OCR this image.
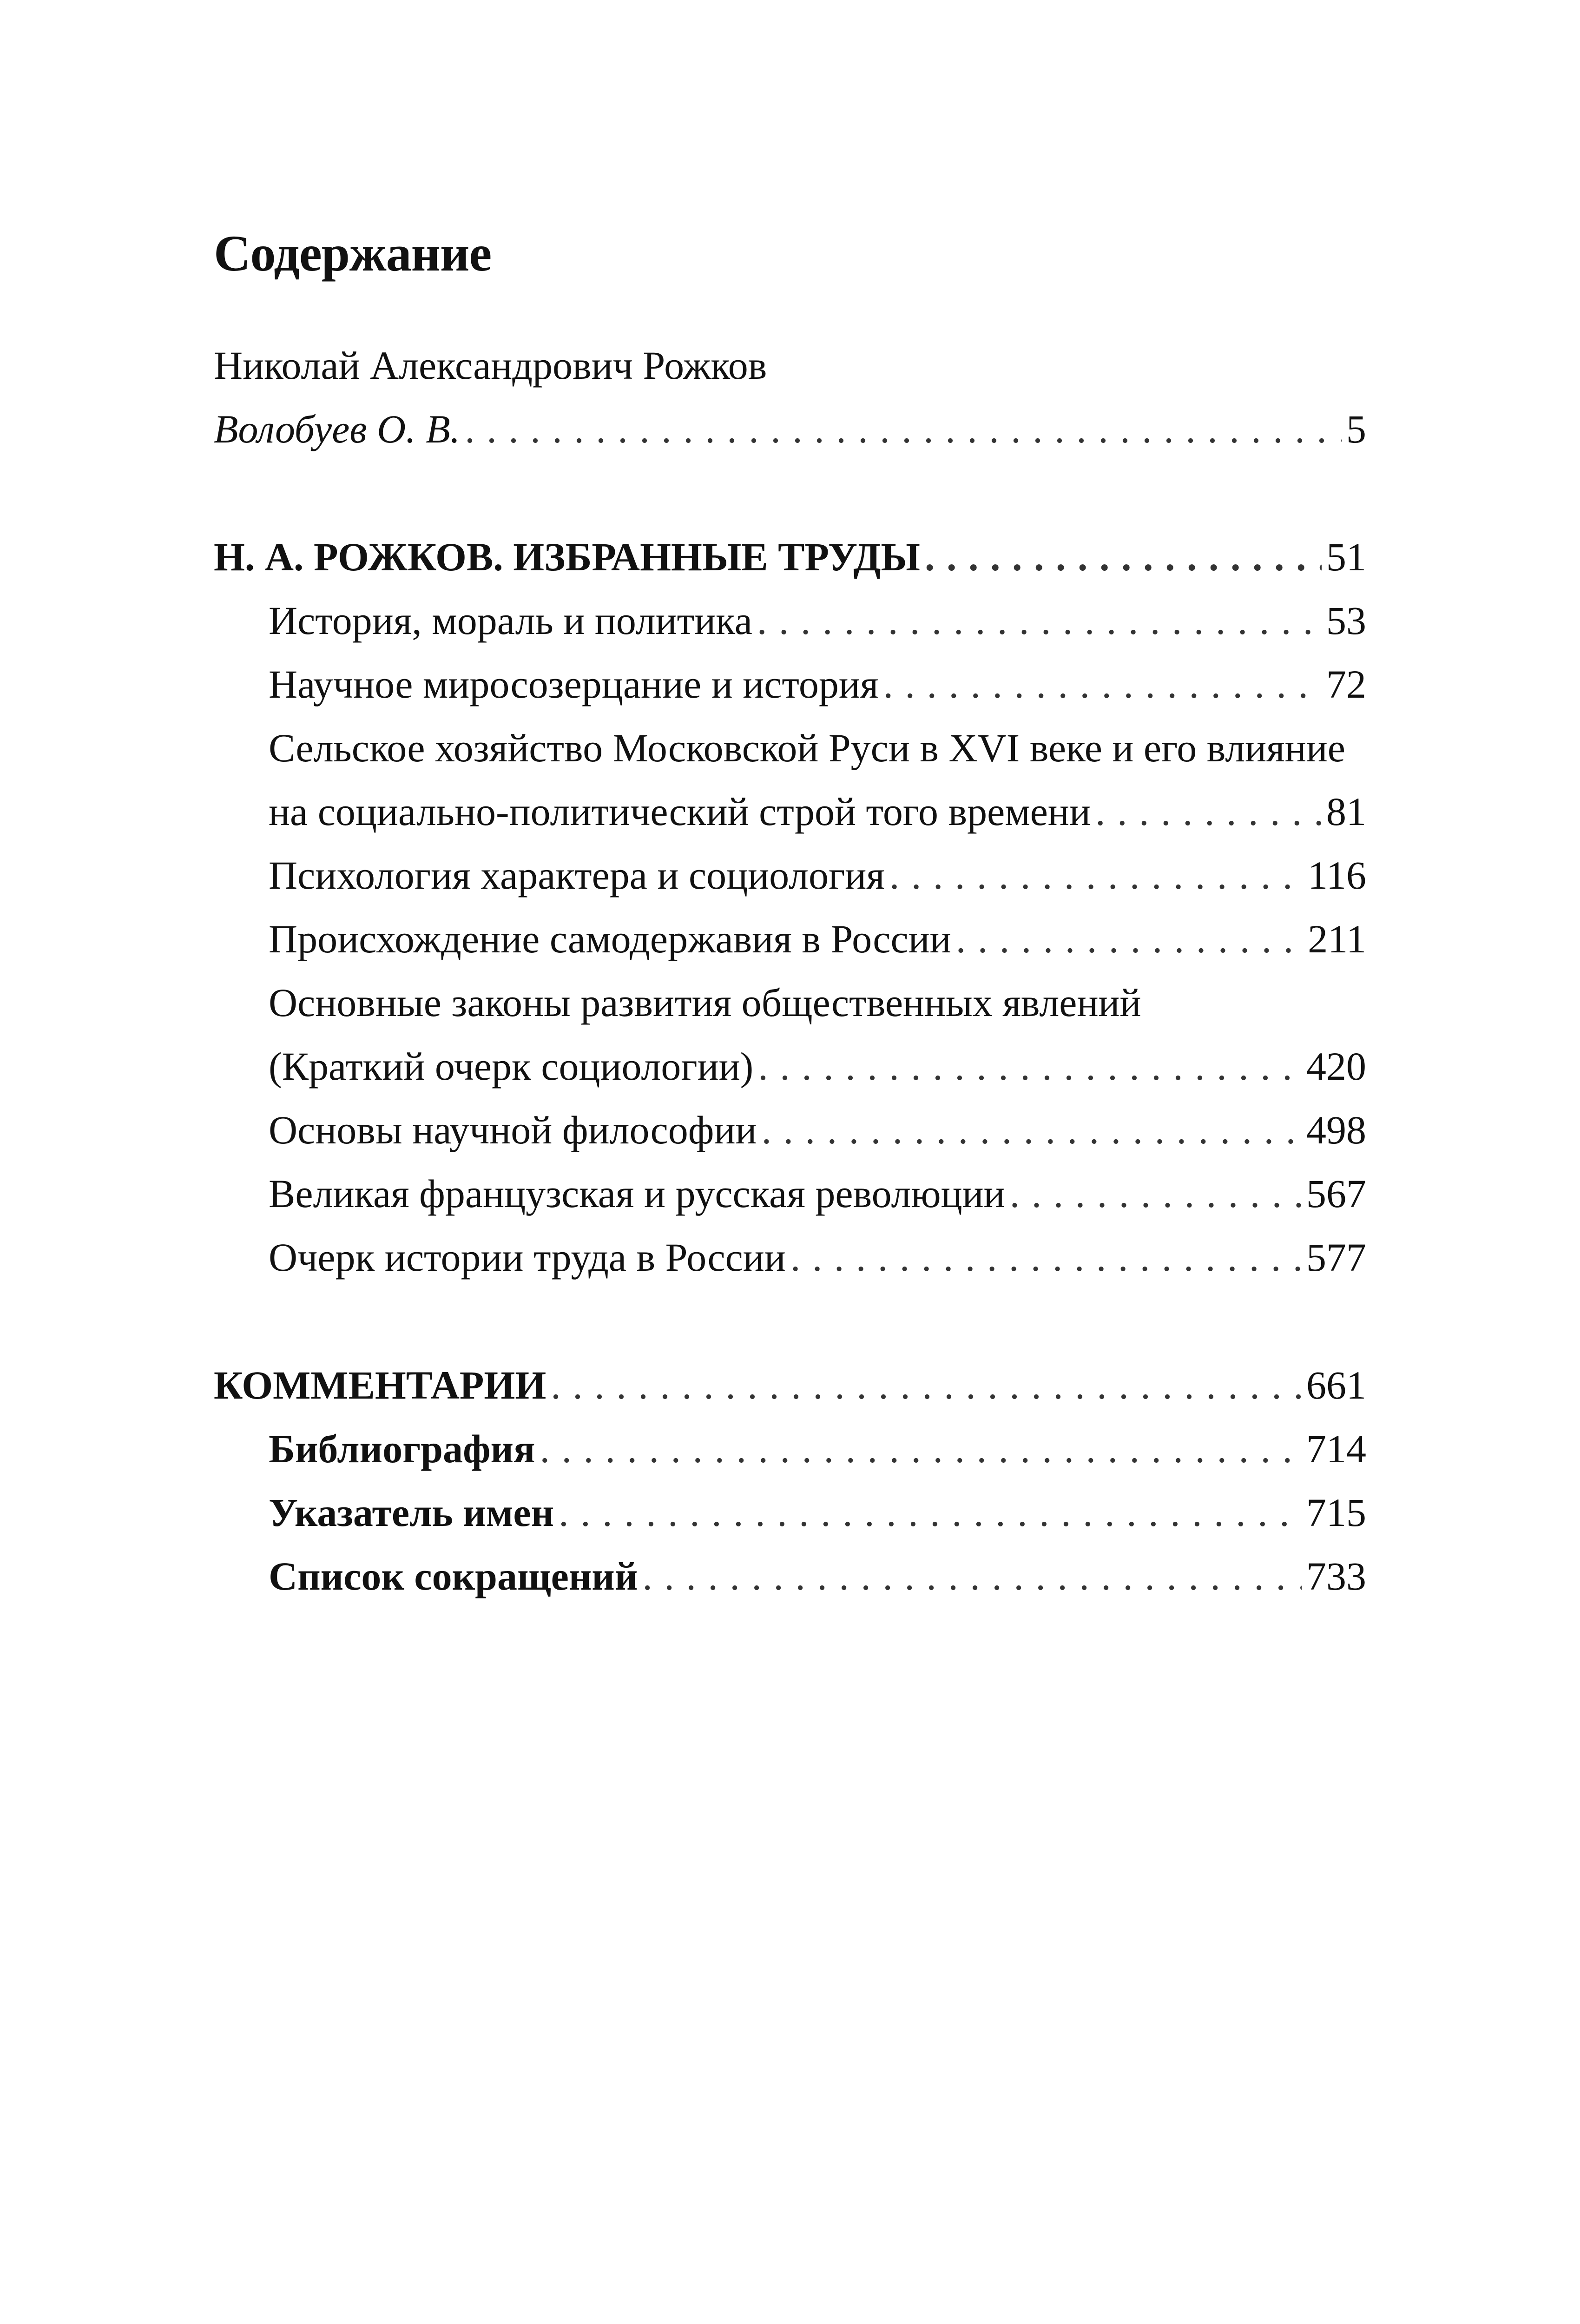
Содержание
Николай Александрович Рожков
Волобуев О. В. . . .	5
Н. А. РОЖКОВ. ИЗБРАННЫЕ ТРУДЫ . . .	51
История, мораль и политика . . .	53
Научное миросозерцание и история . . .	72
Сельское хозяйство Московской Руси в XVI веке и его влияние
на социально-политический строй того времени . . .	81
Психология характера и социология . . .	116
Происхождение самодержавия в России . . .	211
Основные законы развития общественных явлений
(Краткий очерк социологии) . . .	420
Основы научной философии . . .	498
Великая французская и русская революции . . .	567
Очерк истории труда в России . . .	577
КОММЕНТАРИИ . . .	661
Библиография . . .	714
Указатель имен . . .	715
Список сокращений . . .	733
